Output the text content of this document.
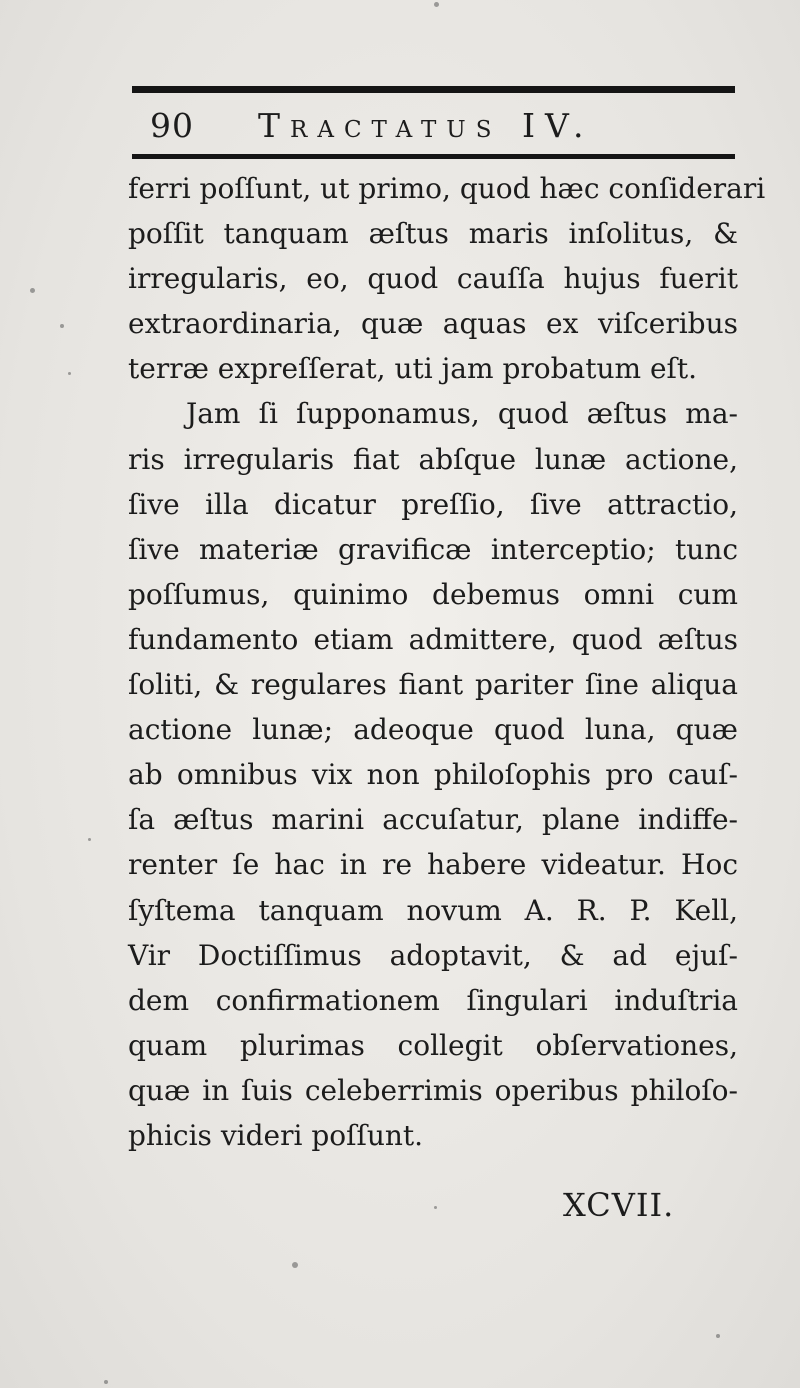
90 Tractatus IV.
ferri poſſunt, ut primo, quod hæc conſiderari
poſſit tanquam æſtus maris inſolitus, &
irregularis, eo, quod cauſſa hujus fuerit
extraordinaria, quæ aquas ex viſceribus
terræ expreſſerat, uti jam probatum eſt.
Jam ſi ſupponamus, quod æſtus ma-
ris irregularis fiat abſque lunæ actione,
ſive illa dicatur preſſio, ſive attractio,
ſive materiæ gravificæ interceptio; tunc
poſſumus, quinimo debemus omni cum
fundamento etiam admittere, quod æſtus
ſoliti, & regulares fiant pariter ſine aliqua
actione lunæ; adeoque quod luna, quæ
ab omnibus vix non philoſophis pro cauſ-
ſa æſtus marini accuſatur, plane indiffe-
renter ſe hac in re habere videatur. Hoc
ſyſtema tanquam novum A. R. P. Kell,
Vir Doctiſſimus adoptavit, & ad ejuſ-
dem confirmationem ſingulari induſtria
quam plurimas collegit obſervationes,
quæ in ſuis celeberrimis operibus philoſo-
phicis videri poſſunt.
XCVII.
